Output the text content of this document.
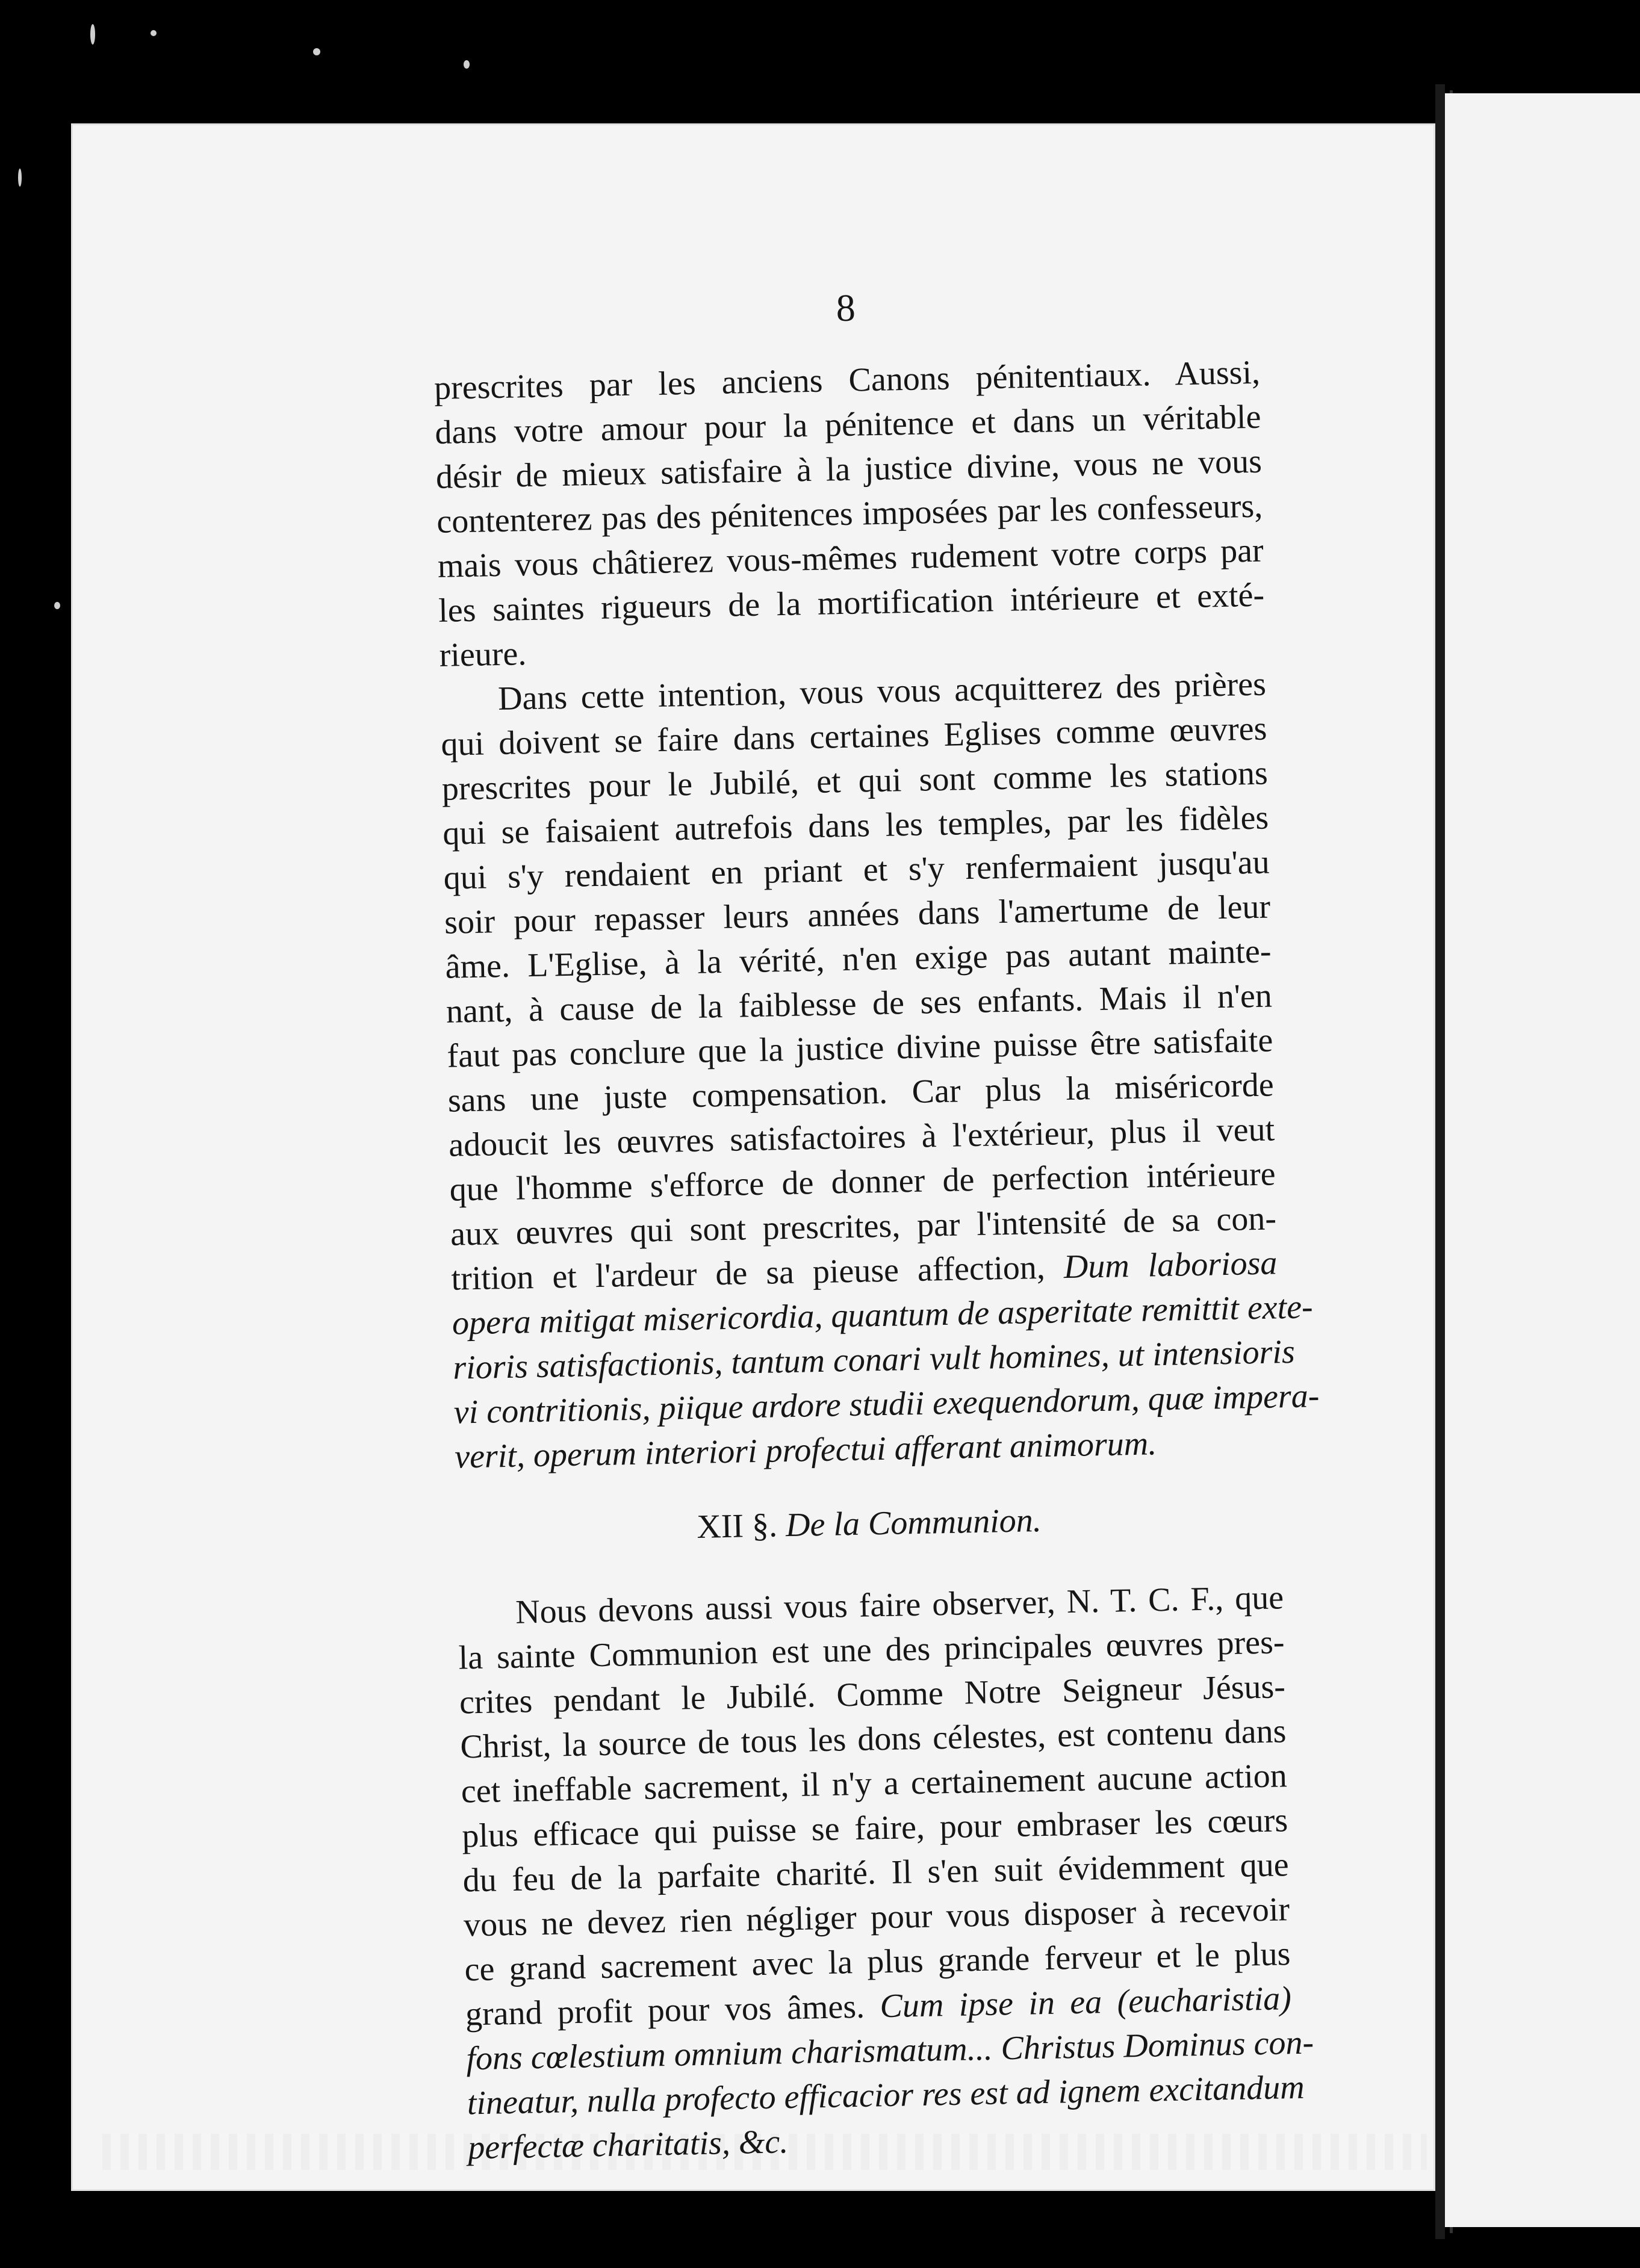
8
prescrites par les anciens Canons pénitentiaux. Aussi,
dans votre amour pour la pénitence et dans un véritable
désir de mieux satisfaire à la justice divine, vous ne vous
contenterez pas des pénitences imposées par les confesseurs,
mais vous châtierez vous-mêmes rudement votre corps par
les saintes rigueurs de la mortification intérieure et exté-
rieure.
Dans cette intention, vous vous acquitterez des prières
qui doivent se faire dans certaines Eglises comme œuvres
prescrites pour le Jubilé, et qui sont comme les stations
qui se faisaient autrefois dans les temples, par les fidèles
qui s'y rendaient en priant et s'y renfermaient jusqu'au
soir pour repasser leurs années dans l'amertume de leur
âme. L'Eglise, à la vérité, n'en exige pas autant mainte-
nant, à cause de la faiblesse de ses enfants. Mais il n'en
faut pas conclure que la justice divine puisse être satisfaite
sans une juste compensation. Car plus la miséricorde
adoucit les œuvres satisfactoires à l'extérieur, plus il veut
que l'homme s'efforce de donner de perfection intérieure
aux œuvres qui sont prescrites, par l'intensité de sa con-
trition et l'ardeur de sa pieuse affection, Dum laboriosa
opera mitigat misericordia, quantum de asperitate remittit exte-
rioris satisfactionis, tantum conari vult homines, ut intensioris
vi contritionis, piique ardore studii exequendorum, quæ impera-
verit, operum interiori profectui afferant animorum.
XII §. De la Communion.
Nous devons aussi vous faire observer, N. T. C. F., que
la sainte Communion est une des principales œuvres pres-
crites pendant le Jubilé. Comme Notre Seigneur Jésus-
Christ, la source de tous les dons célestes, est contenu dans
cet ineffable sacrement, il n'y a certainement aucune action
plus efficace qui puisse se faire, pour embraser les cœurs
du feu de la parfaite charité. Il s'en suit évidemment que
vous ne devez rien négliger pour vous disposer à recevoir
ce grand sacrement avec la plus grande ferveur et le plus
grand profit pour vos âmes. Cum ipse in ea (eucharistia)
fons cœlestium omnium charismatum... Christus Dominus con-
tineatur, nulla profecto efficacior res est ad ignem excitandum
perfectæ charitatis, &c.
